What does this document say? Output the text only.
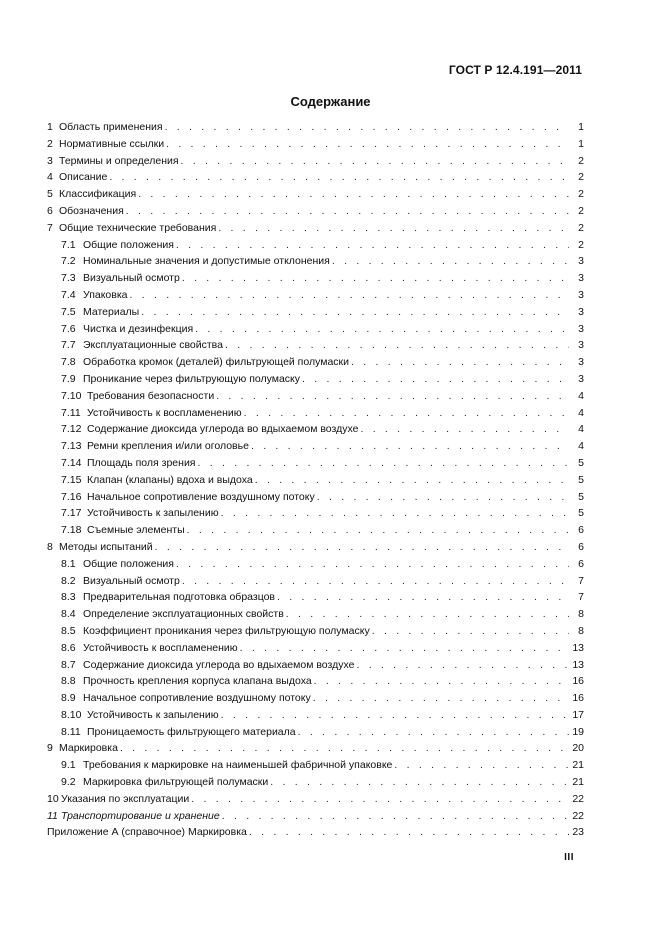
ГОСТ Р 12.4.191—2011
Содержание
1 Область применения . . .	1
2 Нормативные ссылки . . .	1
3 Термины и определения . . .	2
4 Описание . . .	2
5 Классификация . . .	2
6 Обозначения . . .	2
7 Общие технические требования . . .	2
7.1 Общие положения . . .	2
7.2 Номинальные значения и допустимые отклонения . . .	3
7.3 Визуальный осмотр . . .	3
7.4 Упаковка . . .	3
7.5 Материалы . . .	3
7.6 Чистка и дезинфекция . . .	3
7.7 Эксплуатационные свойства . . .	3
7.8 Обработка кромок (деталей) фильтрующей полумаски . . .	3
7.9 Проникание через фильтрующую полумаску . . .	3
7.10 Требования безопасности . . .	4
7.11 Устойчивость к воспламенению . . .	4
7.12 Содержание диоксида углерода во вдыхаемом воздухе . . .	4
7.13 Ремни крепления и/или оголовье . . .	4
7.14 Площадь поля зрения . . .	5
7.15 Клапан (клапаны) вдоха и выдоха . . .	5
7.16 Начальное сопротивление воздушному потоку . . .	5
7.17 Устойчивость к запылению . . .	5
7.18 Съемные элементы . . .	6
8 Методы испытаний . . .	6
8.1 Общие положения . . .	6
8.2 Визуальный осмотр . . .	7
8.3 Предварительная подготовка образцов . . .	7
8.4 Определение эксплуатационных свойств . . .	8
8.5 Коэффициент проникания через фильтрующую полумаску . . .	8
8.6 Устойчивость к воспламенению . . .	13
8.7 Содержание диоксида углерода во вдыхаемом воздухе . . .	13
8.8 Прочность крепления корпуса клапана выдоха . . .	16
8.9 Начальное сопротивление воздушному потоку . . .	16
8.10 Устойчивость к запылению . . .	17
8.11 Проницаемость фильтрующего материала . . .	19
9 Маркировка . . .	20
9.1 Требования к маркировке на наименьшей фабричной упаковке . . .	21
9.2 Маркировка фильтрующей полумаски . . .	21
10 Указания по эксплуатации . . .	22
11 Транспортирование и хранение . . .	22
Приложение А (справочное) Маркировка . . .	23
III
